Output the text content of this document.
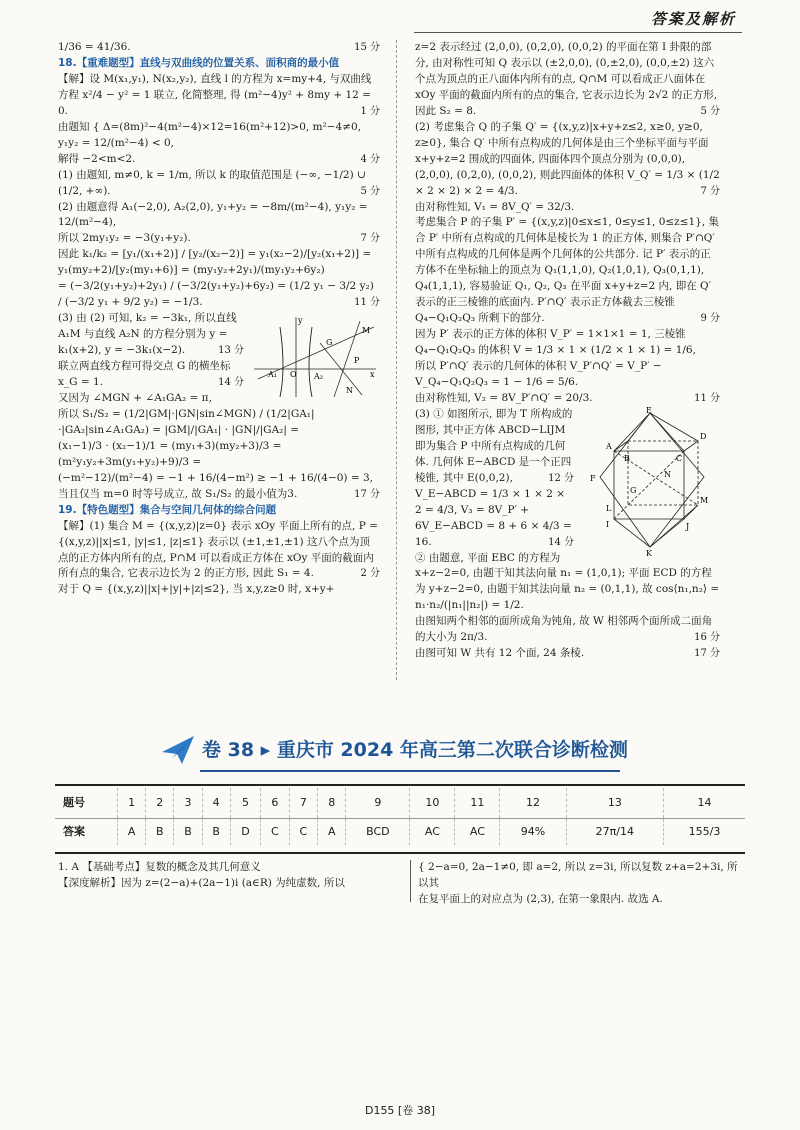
答案及解析

1/36 = 41/36.	15 分

18.【重难题型】直线与双曲线的位置关系、面积商的最小值

【解】设 M(x₁,y₁), N(x₂,y₂), 直线 l 的方程为 x=my+4, 与双曲线方程 x²/4 − y² = 1 联立, 化简整理, 得 (m²−4)y² + 8my + 12 = 0.	1 分

由题知 { Δ=(8m)²−4(m²−4)×12=16(m²+12)>0, m²−4≠0, y₁y₂ = 12/(m²−4) < 0,

解得 −2<m<2.	4 分

(1) 由题知, m≠0, k = 1/m, 所以 k 的取值范围是 (−∞, −1/2) ∪ (1/2, +∞).	5 分

(2) 由题意得 A₁(−2,0), A₂(2,0), y₁+y₂ = −8m/(m²−4), y₁y₂ = 12/(m²−4),

所以 2my₁y₂ = −3(y₁+y₂).	7 分

因此 k₁/k₂ = [y₁/(x₁+2)] / [y₂/(x₂−2)] = y₁(x₂−2)/[y₂(x₁+2)] = y₁(my₂+2)/[y₂(my₁+6)] = (my₁y₂+2y₁)/(my₁y₂+6y₂)

= (−3/2(y₁+y₂)+2y₁) / (−3/2(y₁+y₂)+6y₂) = (1/2 y₁ − 3/2 y₂) / (−3/2 y₁ + 9/2 y₂) = −1/3.	11 分

y
M
G
P
A₁ O A₂	x
N

(3) 由 (2) 可知, k₂ = −3k₁, 所以直线 A₁M 与直线 A₂N 的方程分别为 y = k₁(x+2), y = −3k₁(x−2).	13 分

联立两直线方程可得交点 G 的横坐标 x_G = 1.	14 分

又因为 ∠MGN + ∠A₁GA₂ = π,

所以 S₁/S₂ = (1/2|GM|·|GN|sin∠MGN) / (1/2|GA₁|·|GA₂|sin∠A₁GA₂) = |GM|/|GA₁| · |GN|/|GA₂| =

(x₁−1)/3 · (x₂−1)/1 = (my₁+3)(my₂+3)/3 = (m²y₁y₂+3m(y₁+y₂)+9)/3 =

(−m²−12)/(m²−4) = −1 + 16/(4−m²) ≥ −1 + 16/(4−0) = 3, 当且仅当 m=0 时等号成立, 故 S₁/S₂ 的最小值为3.	17 分

19.【特色题型】集合与空间几何体的综合问题

【解】(1) 集合 M = {(x,y,z)|z=0} 表示 xOy 平面上所有的点, P = {(x,y,z)||x|≤1, |y|≤1, |z|≤1} 表示以 (±1,±1,±1) 这八个点为顶点的正方体内所有的点, P∩M 可以看成正方体在 xOy 平面的截面内所有点的集合, 它表示边长为 2 的正方形, 因此 S₁ = 4.	2 分

对于 Q = {(x,y,z)||x|+|y|+|z|≤2}, 当 x,y,z≥0 时, x+y+

z=2 表示经过 (2,0,0), (0,2,0), (0,0,2) 的平面在第 I 卦限的部分, 由对称性可知 Q 表示以 (±2,0,0), (0,±2,0), (0,0,±2) 这六个点为顶点的正八面体内所有的点, Q∩M 可以看成正八面体在 xOy 平面的截面内所有的点的集合, 它表示边长为 2√2 的正方形, 因此 S₂ = 8.	5 分

(2) 考虑集合 Q 的子集 Q′ = {(x,y,z)|x+y+z≤2, x≥0, y≥0, z≥0}, 集合 Q′ 中所有点构成的几何体是由三个坐标平面与平面 x+y+z=2 围成的四面体, 四面体四个顶点分别为 (0,0,0), (2,0,0), (0,2,0), (0,0,2), 则此四面体的体积 V_Q′ = 1/3 × (1/2 × 2 × 2) × 2 = 4/3.	7 分

由对称性知, V₁ = 8V_Q′ = 32/3.

考虑集合 P 的子集 P′ = {(x,y,z)|0≤x≤1, 0≤y≤1, 0≤z≤1}, 集合 P′ 中所有点构成的几何体是棱长为 1 的正方体, 则集合 P′∩Q′ 中所有点构成的几何体是两个几何体的公共部分. 记 P′ 表示的正方体不在坐标轴上的顶点为 Q₁(1,1,0), Q₂(1,0,1), Q₃(0,1,1), Q₄(1,1,1), 容易验证 Q₁, Q₂, Q₃ 在平面 x+y+z=2 内, 即在 Q′ 表示的正三棱锥的底面内. P′∩Q′ 表示正方体截去三棱锥 Q₄−Q₁Q₂Q₃ 所剩下的部分.	9 分

因为 P′ 表示的正方体的体积 V_P′ = 1×1×1 = 1, 三棱锥 Q₄−Q₁Q₂Q₃ 的体积 V = 1/3 × 1 × (1/2 × 1 × 1) = 1/6,

所以 P′∩Q′ 表示的几何体的体积 V_P′∩Q′ = V_P′ − V_Q₄−Q₁Q₂Q₃ = 1 − 1/6 = 5/6.

由对称性知, V₂ = 8V_P′∩Q′ = 20/3.	11 分

E
A
D
B	C
F	N
G
L
M
I	J
K

(3) ① 如图所示, 即为 T 所构成的图形, 其中正方体 ABCD−LIJM 即为集合 P 中所有点构成的几何体. 几何体 E−ABCD 是一个正四棱锥, 其中 E(0,0,2),	12 分

V_E−ABCD = 1/3 × 1 × 2 × 2 = 4/3, V₃ = 8V_P′ + 6V_E−ABCD = 8 + 6 × 4/3 = 16.	14 分

② 由题意, 平面 EBC 的方程为 x+z−2=0, 由题干知其法向量 n₁ = (1,0,1); 平面 ECD 的方程为 y+z−2=0, 由题干知其法向量 n₂ = (0,1,1), 故 cos⟨n₁,n₂⟩ = n₁·n₂/(|n₁||n₂|) = 1/2.

由图知两个相邻的面所成角为钝角, 故 W 相邻两个面所成二面角的大小为 2π/3.	16 分

由图可知 W 共有 12 个面, 24 条棱.	17 分

卷 38 ▸ 重庆市 2024 年高三第二次联合诊断检测
题号	1	2	3	4	5	6	7	8	9	10	11	12	13	14
答案	A	B	B	B	D	C	C	A	BCD	AC	AC	94%	27π/14	155/3

1. A 【基础考点】复数的概念及其几何意义

【深度解析】因为 z=(2−a)+(2a−1)i (a∈R) 为纯虚数, 所以

{ 2−a=0, 2a−1≠0, 即 a=2, 所以 z=3i, 所以复数 z+a=2+3i, 所以其

在复平面上的对应点为 (2,3), 在第一象限内. 故选 A.

D155 [卷 38]
